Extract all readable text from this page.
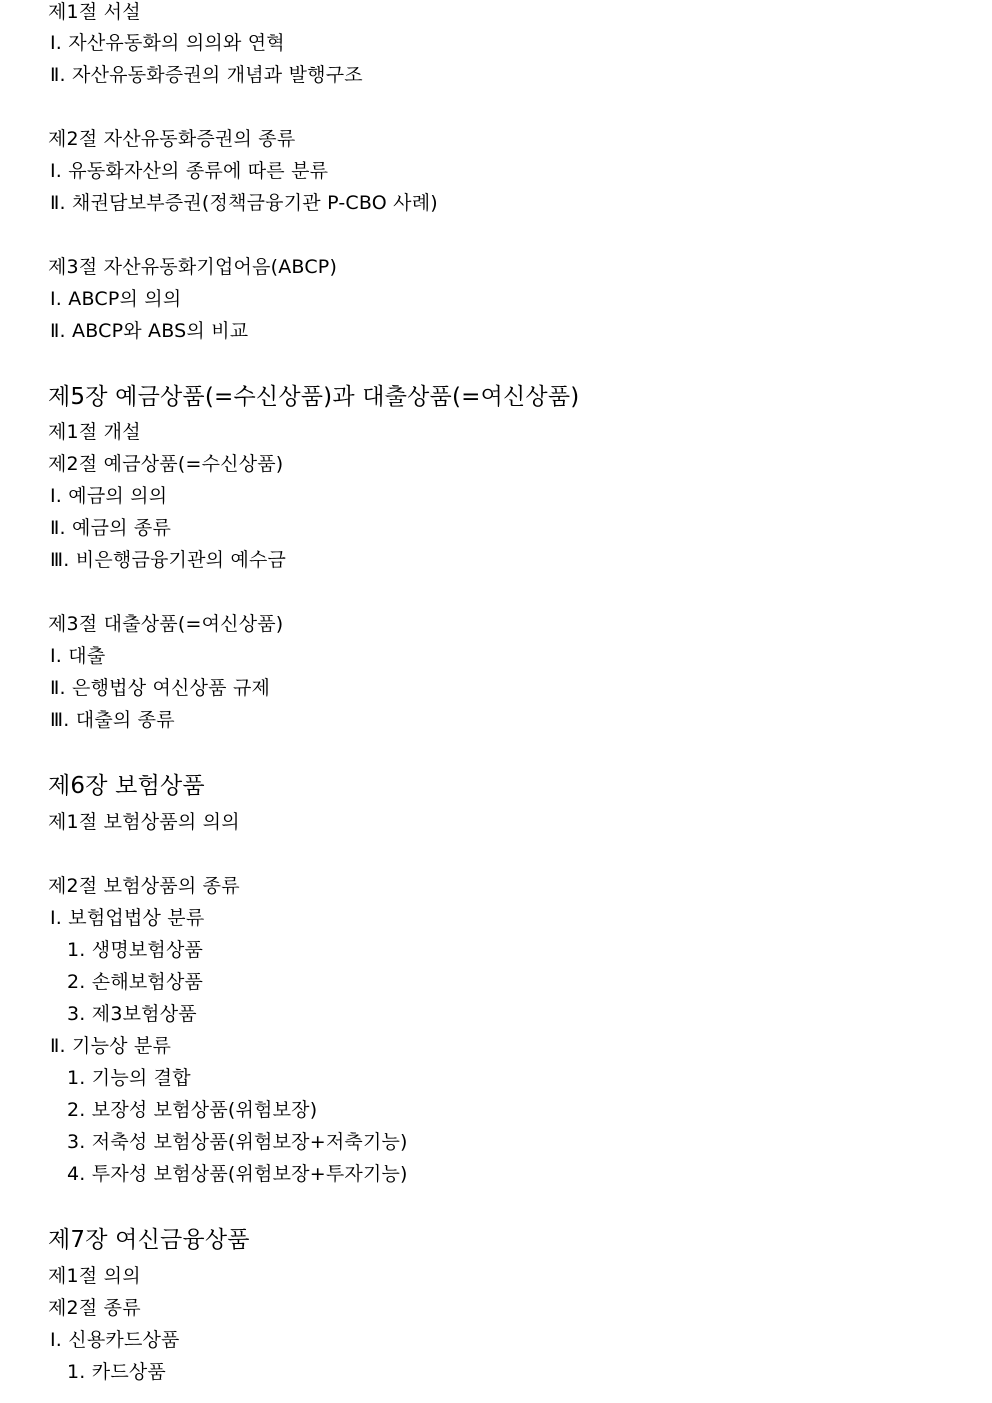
제1절 서설
Ⅰ. 자산유동화의 의의와 연혁
Ⅱ. 자산유동화증권의 개념과 발행구조
제2절 자산유동화증권의 종류
Ⅰ. 유동화자산의 종류에 따른 분류
Ⅱ. 채권담보부증권(정책금융기관 P-CBO 사례)
제3절 자산유동화기업어음(ABCP)
Ⅰ. ABCP의 의의
Ⅱ. ABCP와 ABS의 비교
제5장 예금상품(=수신상품)과 대출상품(=여신상품)
제1절 개설
제2절 예금상품(=수신상품)
Ⅰ. 예금의 의의
Ⅱ. 예금의 종류
Ⅲ. 비은행금융기관의 예수금
제3절 대출상품(=여신상품)
Ⅰ. 대출
Ⅱ. 은행법상 여신상품 규제
Ⅲ. 대출의 종류
제6장 보험상품
제1절 보험상품의 의의
제2절 보험상품의 종류
Ⅰ. 보험업법상 분류
1. 생명보험상품
2. 손해보험상품
3. 제3보험상품
Ⅱ. 기능상 분류
1. 기능의 결합
2. 보장성 보험상품(위험보장)
3. 저축성 보험상품(위험보장+저축기능)
4. 투자성 보험상품(위험보장+투자기능)
제7장 여신금융상품
제1절 의의
제2절 종류
Ⅰ. 신용카드상품
1. 카드상품
